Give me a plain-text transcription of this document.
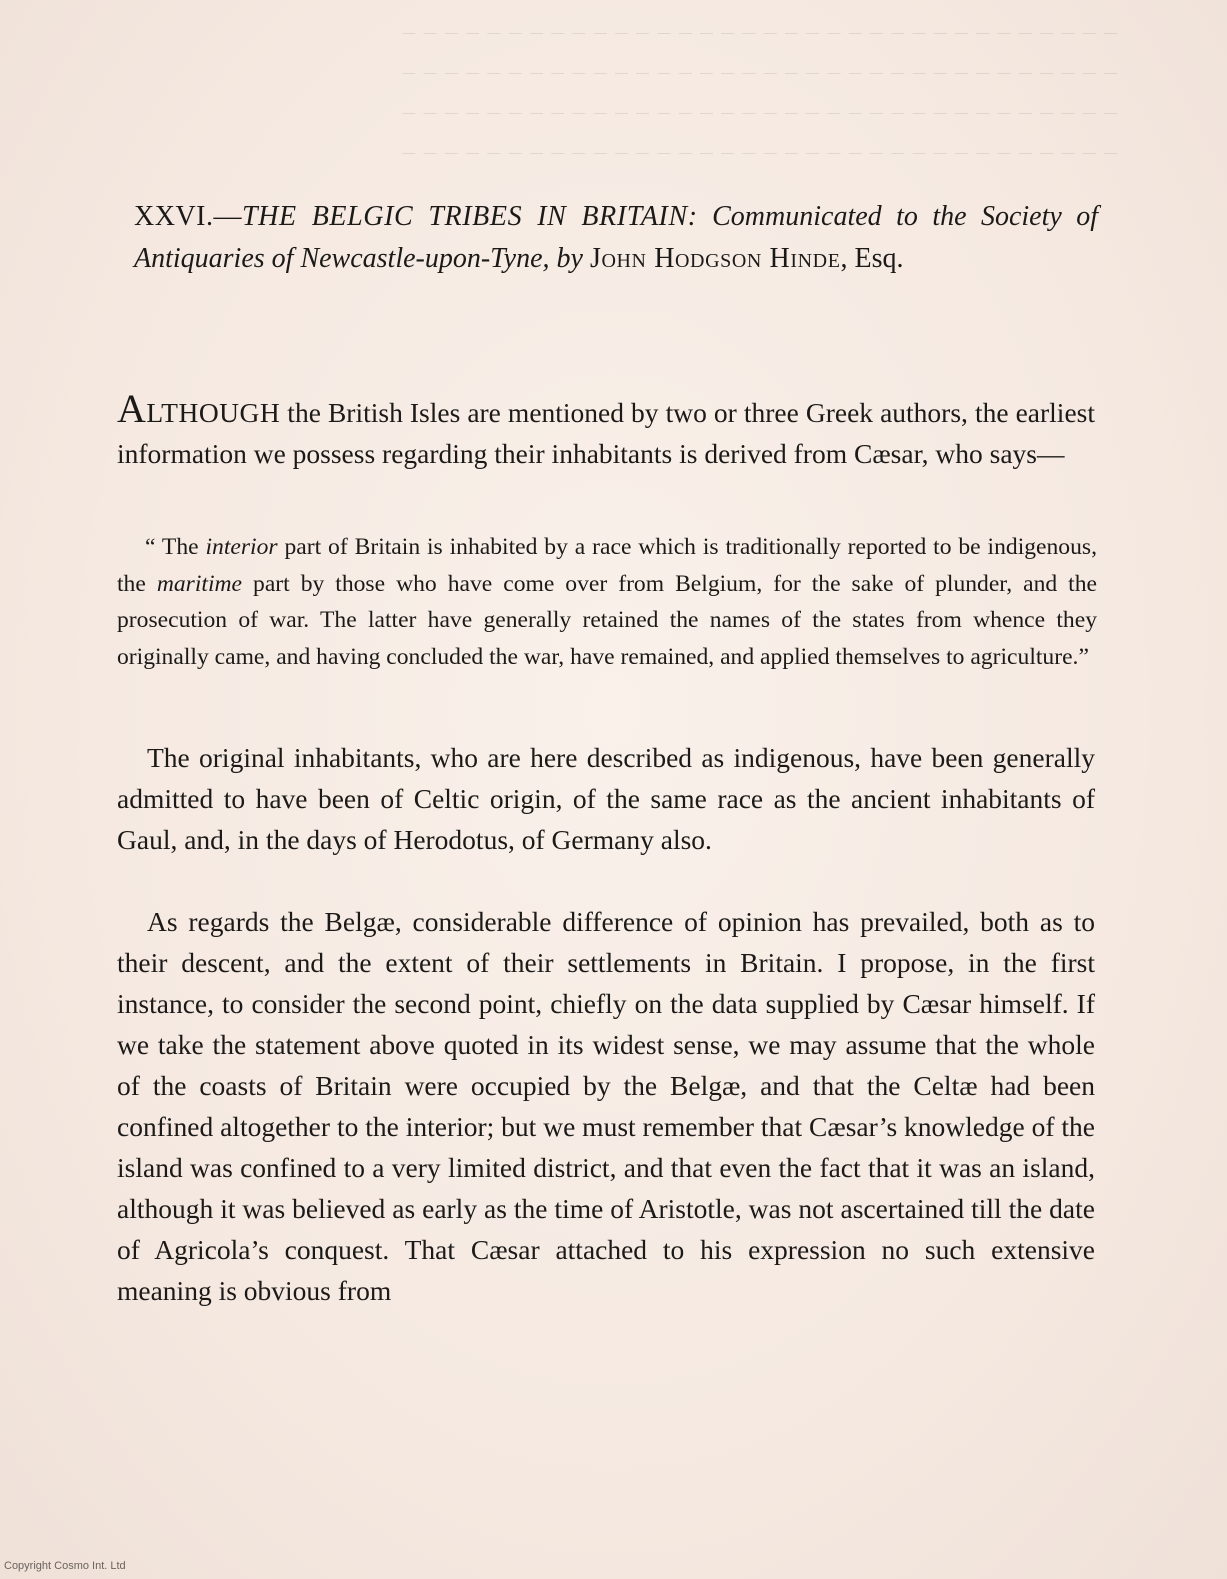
_ _ _ _ _ _ _ _ _ _ _ _ _ _ _ _ _ _ _ _ _ _ _ _ _ _ _ _ _ _ _ _ _ _
_ _ _ _ _ _ _ _ _ _ _ _ _ _ _ _ _ _ _ _ _ _ _ _ _ _ _ _ _ _ _ _ _ _
_ _ _ _ _ _ _ _ _ _ _ _ _ _ _ _ _ _ _ _ _ _ _ _ _ _ _ _ _ _ _ _ _ _
_ _ _ _ _ _ _ _ _ _ _ _ _ _ _ _ _ _ _ _ _ _ _ _ _ _ _ _ _ _ _ _ _ _
XXVI.—THE BELGIC TRIBES IN BRITAIN: Communicated to the Society of Antiquaries of Newcastle-upon-Tyne, by John Hodgson Hinde, Esq.

ALTHOUGH the British Isles are mentioned by two or three Greek authors, the earliest information we possess regarding their inhabitants is derived from Cæsar, who says—

“ The interior part of Britain is inhabited by a race which is traditionally reported to be indigenous, the maritime part by those who have come over from Belgium, for the sake of plunder, and the prosecution of war. The latter have generally retained the names of the states from whence they originally came, and having concluded the war, have remained, and applied themselves to agriculture.”

The original inhabitants, who are here described as indigenous, have been generally admitted to have been of Celtic origin, of the same race as the ancient inhabitants of Gaul, and, in the days of Herodotus, of Germany also.

As regards the Belgæ, considerable difference of opinion has prevailed, both as to their descent, and the extent of their settlements in Britain. I propose, in the first instance, to consider the second point, chiefly on the data supplied by Cæsar himself. If we take the statement above quoted in its widest sense, we may assume that the whole of the coasts of Britain were occupied by the Belgæ, and that the Celtæ had been confined altogether to the interior; but we must remember that Cæsar’s knowledge of the island was confined to a very limited district, and that even the fact that it was an island, although it was believed as early as the time of Aristotle, was not ascertained till the date of Agricola’s conquest. That Cæsar attached to his expression no such extensive meaning is obvious from

Copyright Cosmo Int. Ltd
